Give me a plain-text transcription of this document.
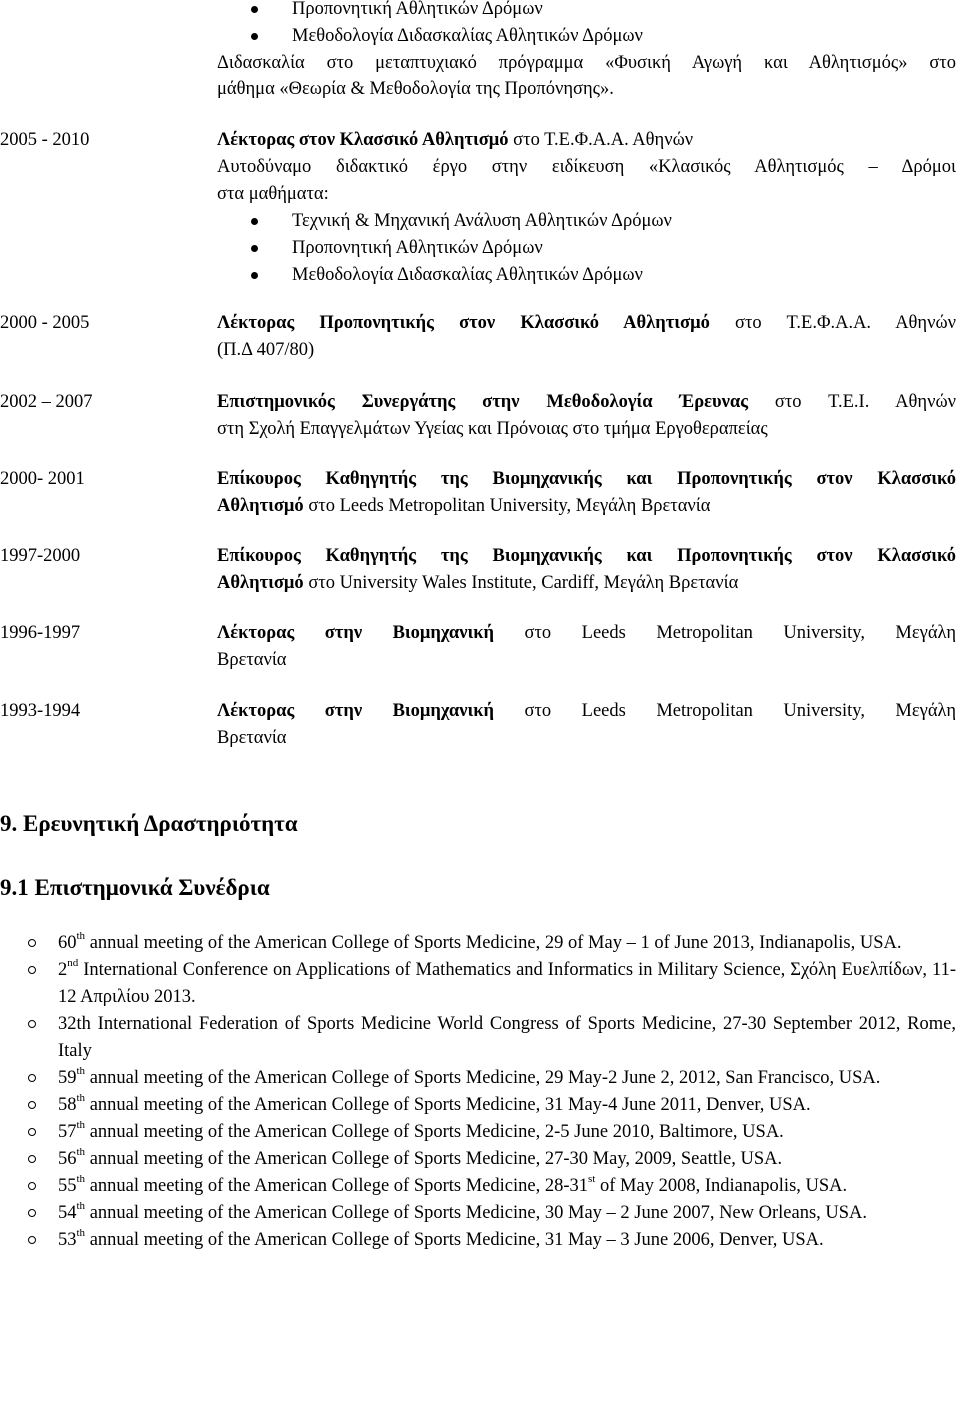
Προπονητική Αθλητικών Δρόμων
Μεθοδολογία Διδασκαλίας Αθλητικών Δρόμων
Διδασκαλία στο μεταπτυχιακό πρόγραμμα «Φυσική Αγωγή και Αθλητισμός» στο
μάθημα «Θεωρία & Μεθοδολογία της Προπόνησης».
2005 - 2010	Λέκτορας στον Κλασσικό Αθλητισμό στο Τ.Ε.Φ.Α.Α. Αθηνών
Αυτοδύναμο διδακτικό έργο στην ειδίκευση «Κλασικός Αθλητισμός – Δρόμοι
στα μαθήματα:
Τεχνική & Μηχανική Ανάλυση Αθλητικών Δρόμων
Προπονητική Αθλητικών Δρόμων
Μεθοδολογία Διδασκαλίας Αθλητικών Δρόμων
2000 - 2005	Λέκτορας Προπονητικής στον Κλασσικό Αθλητισμό στο Τ.Ε.Φ.Α.Α. Αθηνών
(Π.Δ 407/80)
2002 – 2007	Επιστημονικός Συνεργάτης στην Μεθοδολογία Έρευνας στο Τ.Ε.Ι. Αθηνών
στη Σχολή Επαγγελμάτων Υγείας και Πρόνοιας στο τμήμα Εργοθεραπείας
2000- 2001	Επίκουρος Καθηγητής της Βιομηχανικής και Προπονητικής στον Κλασσικό
Αθλητισμό στο Leeds Metropolitan University, Μεγάλη Βρετανία
1997-2000	Επίκουρος Καθηγητής της Βιομηχανικής και Προπονητικής στον Κλασσικό
Αθλητισμό στο University Wales Institute, Cardiff, Μεγάλη Βρετανία
1996-1997	Λέκτορας στην Βιομηχανική στο Leeds Metropolitan University, Μεγάλη
Βρετανία
1993-1994	Λέκτορας στην Βιομηχανική στο Leeds Metropolitan University, Μεγάλη
Βρετανία
9. Ερευνητική Δραστηριότητα
9.1 Επιστημονικά Συνέδρια
60th annual meeting of the American College of Sports Medicine, 29 of May – 1 of June 2013, Indianapolis, USA.
2nd International Conference on Applications of Mathematics and Informatics in Military Science, Σχόλη Ευελπίδων, 11- 12 Απριλίου 2013.
32th International Federation of Sports Medicine World Congress of Sports Medicine, 27-30 September 2012, Rome, Italy
59th annual meeting of the American College of Sports Medicine, 29 May-2 June 2, 2012, San Francisco, USA.
58th annual meeting of the American College of Sports Medicine, 31 May-4 June 2011, Denver, USA.
57th annual meeting of the American College of Sports Medicine, 2-5 June 2010, Baltimore, USA.
56th annual meeting of the American College of Sports Medicine, 27-30 May, 2009, Seattle, USA.
55th annual meeting of the American College of Sports Medicine, 28-31st of May 2008, Indianapolis, USA.
54th annual meeting of the American College of Sports Medicine, 30 May – 2 June 2007, New Orleans, USA.
53th annual meeting of the American College of Sports Medicine, 31 May – 3 June 2006, Denver, USA.
